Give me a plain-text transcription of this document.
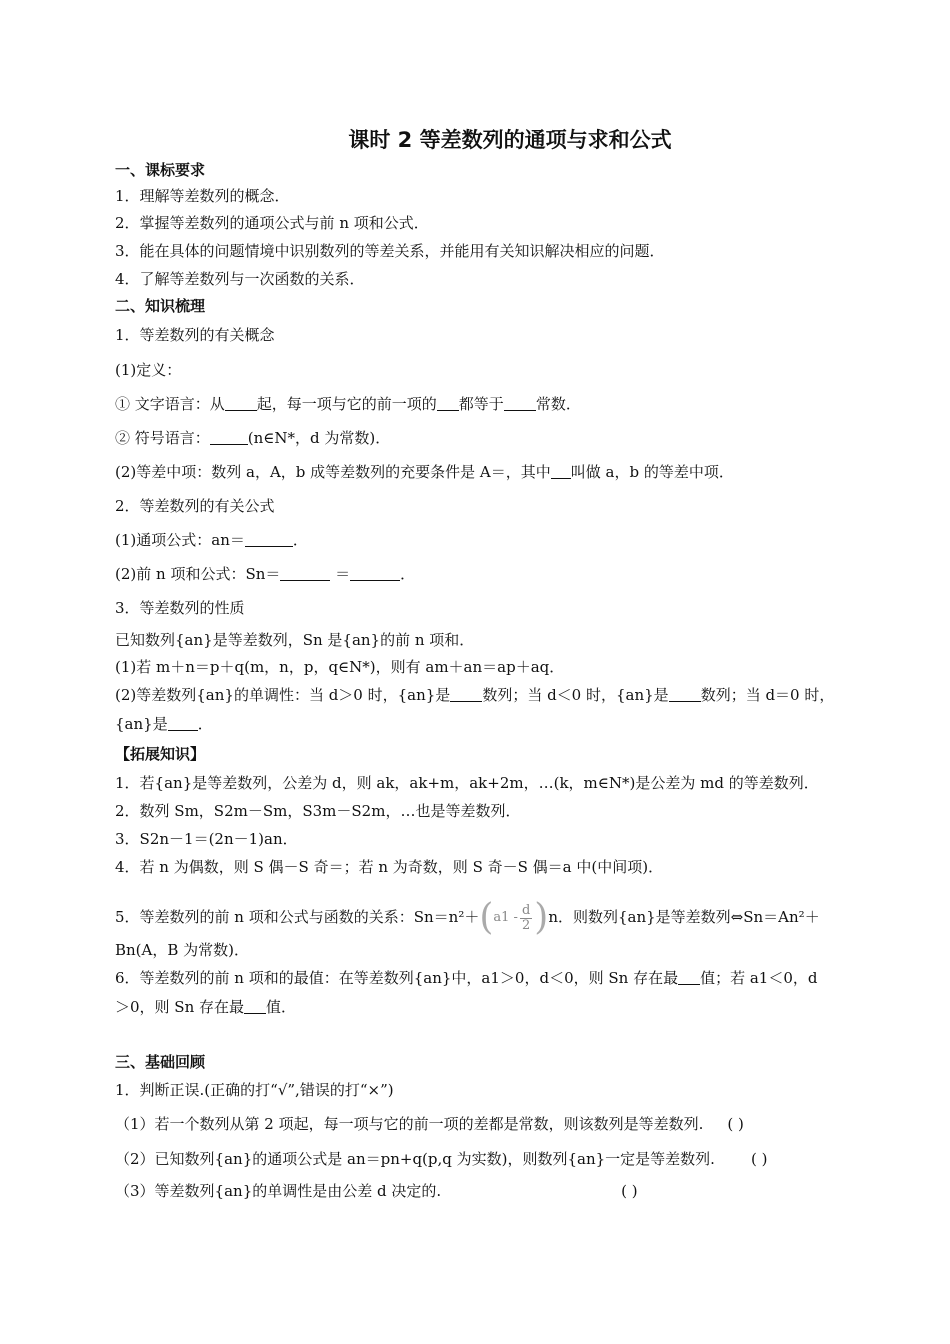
课时 2 等差数列的通项与求和公式
一、课标要求
1．理解等差数列的概念．
2．掌握等差数列的通项公式与前 n 项和公式．
3．能在具体的问题情境中识别数列的等差关系，并能用有关知识解决相应的问题．
4．了解等差数列与一次函数的关系．
二、知识梳理
1．等差数列的有关概念
(1)定义：
① 文字语言：从 起，每一项与它的前一项的 都等于 常数．
② 符号语言：	(n∈N*，d 为常数)．
(2)等差中项：数列 a，A，b 成等差数列的充要条件是 A＝，其中 叫做 a，b 的等差中项．
2．等差数列的有关公式
(1)通项公式：an＝	．
(2)前 n 项和公式：Sn＝	＝	．
3．等差数列的性质
已知数列{an}是等差数列，Sn 是{an}的前 n 项和．
(1)若 m＋n＝p＋q(m，n，p，q∈N*)，则有 am＋an＝ap＋aq．
(2)等差数列{an}的单调性：当 d＞0 时，{an}是 数列；当 d＜0 时，{an}是 数列；当 d＝0 时，
{an}是 ．
【拓展知识】
1．若{an}是等差数列，公差为 d，则 ak，ak+m，ak+2m，…(k，m∈N*)是公差为 md 的等差数列．
2．数列 Sm，S2m－Sm，S3m－S2m，…也是等差数列．
3．S2n－1＝(2n－1)an．
4．若 n 为偶数，则 S 偶－S 奇＝；若 n 为奇数，则 S 奇－S 偶＝a 中(中间项)．
5．等差数列的前 n 项和公式与函数的关系：Sn＝n²＋ ( a1 - d
2 ) n．则数列{an}是等差数列⇔Sn＝An²＋
Bn(A，B 为常数)．
6．等差数列的前 n 项和的最值：在等差数列{an}中，a1＞0，d＜0，则 Sn 存在最 值；若 a1＜0，d
＞0，则 Sn 存在最 值．
三、基础回顾
1．判断正误.(正确的打“√”,错误的打“×”)
（1）若一个数列从第 2 项起，每一项与它的前一项的差都是常数，则该数列是等差数列. ( )
（2）已知数列{an}的通项公式是 an＝pn+q(p,q 为实数)，则数列{an}一定是等差数列. ( )
（3）等差数列{an}的单调性是由公差 d 决定的.	( )
